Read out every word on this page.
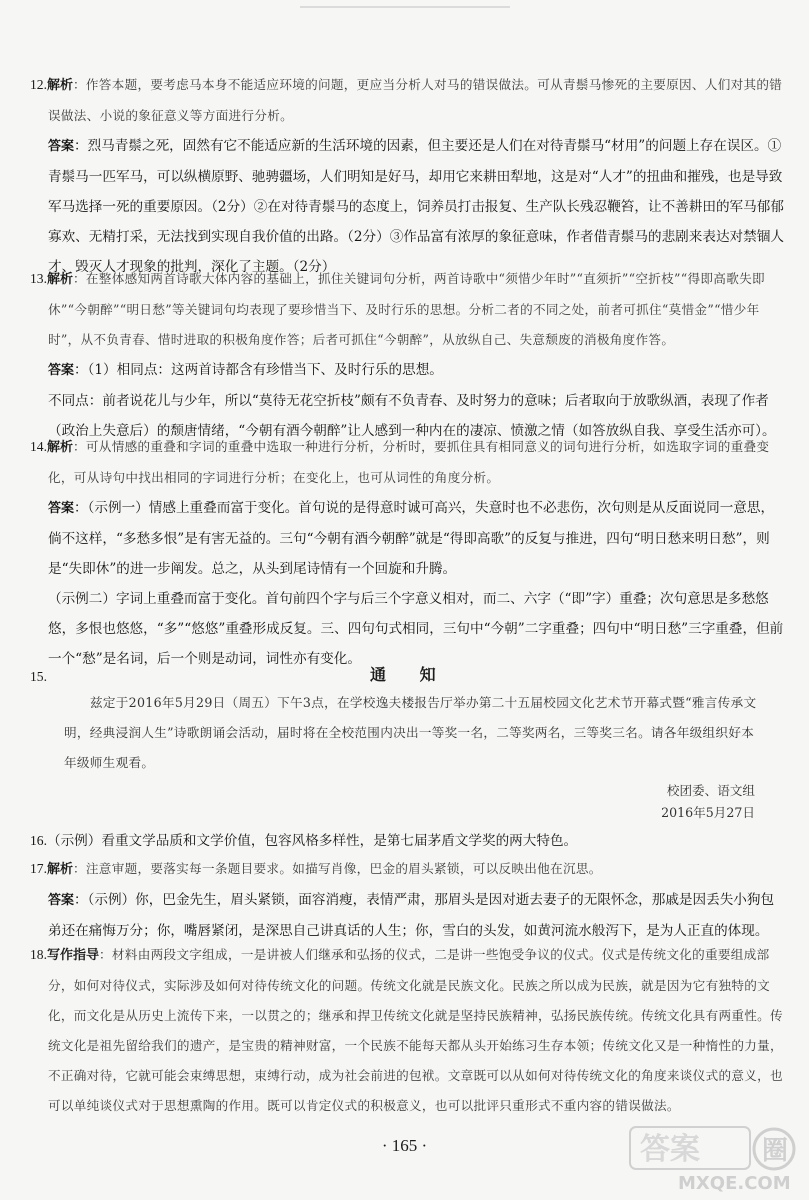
12.解析：作答本题，要考虑马本身不能适应环境的问题，更应当分析人对马的错误做法。可从青鬃马惨死的主要原因、人们对其的错误做法、小说的象征意义等方面进行分析。

答案：烈马青鬃之死，固然有它不能适应新的生活环境的因素，但主要还是人们在对待青鬃马“材用”的问题上存在误区。①青鬃马一匹军马，可以纵横原野、驰骋疆场，人们明知是好马，却用它来耕田犁地，这是对“人才”的扭曲和摧残，也是导致军马选择一死的重要原因。（2分）②在对待青鬃马的态度上，饲养员打击报复、生产队长残忍鞭笞，让不善耕田的军马郁郁寡欢、无精打采，无法找到实现自我价值的出路。（2分）③作品富有浓厚的象征意味，作者借青鬃马的悲剧来表达对禁锢人才、毁灭人才现象的批判，深化了主题。（2分）

13.解析：在整体感知两首诗歌大体内容的基础上，抓住关键词句分析，两首诗歌中“须惜少年时”“直须折”“空折枝”“得即高歌失即休”“今朝醉”“明日愁”等关键词句均表现了要珍惜当下、及时行乐的思想。分析二者的不同之处，前者可抓住“莫惜金”“惜少年时”，从不负青春、惜时进取的积极角度作答；后者可抓住“今朝醉”，从放纵自己、失意颓废的消极角度作答。

答案：（1）相同点：这两首诗都含有珍惜当下、及时行乐的思想。

不同点：前者说花儿与少年，所以“莫待无花空折枝”颇有不负青春、及时努力的意味；后者取向于放歌纵酒，表现了作者（政治上失意后）的颓唐情绪，“今朝有酒今朝醉”让人感到一种内在的凄凉、愤激之情（如答放纵自我、享受生活亦可）。

14.解析：可从情感的重叠和字词的重叠中选取一种进行分析，分析时，要抓住具有相同意义的词句进行分析，如选取字词的重叠变化，可从诗句中找出相同的字词进行分析；在变化上，也可从词性的角度分析。

答案：（示例一）情感上重叠而富于变化。首句说的是得意时诚可高兴，失意时也不必悲伤，次句则是从反面说同一意思，倘不这样，“多愁多恨”是有害无益的。三句“今朝有酒今朝醉”就是“得即高歌”的反复与推进，四句“明日愁来明日愁”，则是“失即休”的进一步阐发。总之，从头到尾诗情有一个回旋和升腾。

（示例二）字词上重叠而富于变化。首句前四个字与后三个字意义相对，而二、六字（“即”字）重叠；次句意思是多愁悠悠，多恨也悠悠，“多”“悠悠”重叠形成反复。三、四句句式相同，三句中“今朝”二字重叠；四句中“明日愁”三字重叠，但前一个“愁”是名词，后一个则是动词，词性亦有变化。

15.	通 知
兹定于2016年5月29日（周五）下午3点，在学校逸夫楼报告厅举办第二十五届校园文化艺术节开幕式暨“雅言传承文明，经典浸润人生”诗歌朗诵会活动，届时将在全校范围内决出一等奖一名，二等奖两名，三等奖三名。请各年级组织好本年级师生观看。
校团委、语文组
2016年5月27日

16.（示例）看重文学品质和文学价值，包容风格多样性，是第七届茅盾文学奖的两大特色。

17.解析：注意审题，要落实每一条题目要求。如描写肖像，巴金的眉头紧锁，可以反映出他在沉思。

答案：（示例）你，巴金先生，眉头紧锁，面容消瘦，表情严肃，那眉头是因对逝去妻子的无限怀念，那戚是因丢失小狗包弟还在痛悔万分；你，嘴唇紧闭，是深思自己讲真话的人生；你，雪白的头发，如黄河流水般泻下，是为人正直的体现。

18.写作指导：材料由两段文字组成，一是讲被人们继承和弘扬的仪式，二是讲一些饱受争议的仪式。仪式是传统文化的重要组成部分，如何对待仪式，实际涉及如何对待传统文化的问题。传统文化就是民族文化。民族之所以成为民族，就是因为它有独特的文化，而文化是从历史上流传下来，一以贯之的；继承和捍卫传统文化就是坚持民族精神，弘扬民族传统。传统文化具有两重性。传统文化是祖先留给我们的遗产，是宝贵的精神财富，一个民族不能每天都从头开始练习生存本领；传统文化又是一种惰性的力量，不正确对待，它就可能会束缚思想，束缚行动，成为社会前进的包袱。文章既可以从如何对待传统文化的角度来谈仪式的意义，也可以单纯谈仪式对于思想熏陶的作用。既可以肯定仪式的积极意义，也可以批评只重形式不重内容的错误做法。

· 165 ·	答案 圈
MXQE.COM
